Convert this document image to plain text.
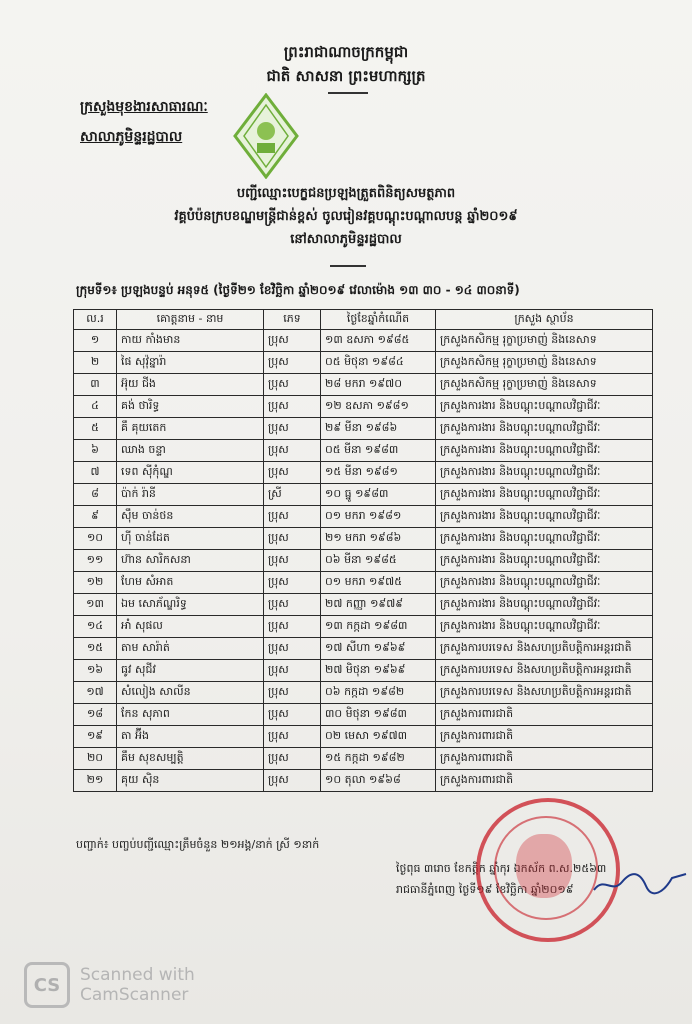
ព្រះរាជាណាចក្រកម្ពុជា
ជាតិ សាសនា ព្រះមហាក្សត្រ
ក្រសួងមុខងារសាធារណៈ
សាលាភូមិន្ទរដ្ឋបាល
បញ្ជីឈ្មោះបេក្ខជនប្រឡងត្រួតពិនិត្យសមត្ថភាព
វគ្គបំប៉នក្របខណ្ឌមន្ត្រីជាន់ខ្ពស់ ចូលរៀនវគ្គបណ្តុះបណ្តាលបន្ត ឆ្នាំ២០១៩
នៅសាលាភូមិន្ទរដ្ឋបាល
ក្រុមទី១៖ ប្រឡងបន្ទប់ អនុទ៥ (ថ្ងៃទី២១ ខែវិច្ឆិកា ឆ្នាំ២០១៩ វេលាម៉ោង ១៣ ៣០ - ១៤ ៣០នាទី)
ល.រ	គោត្តនាម - នាម	ភេទ	ថ្ងៃខែឆ្នាំកំណើត	ក្រសួង ស្ថាប័ន
១	កាយ កាំងមាន	ប្រុស	១៣ ឧសភា ១៩៨៥	ក្រសួងកសិកម្ម រុក្ខាប្រមាញ់ និងនេសាទ
២	ផៃ សុវ៉ុន្នារ៉ា	ប្រុស	០៥ មិថុនា ១៩៨៤	ក្រសួងកសិកម្ម រុក្ខាប្រមាញ់ និងនេសាទ
៣	អ៊ុយ ជីង	ប្រុស	២៨ មករា ១៩៧០	ក្រសួងកសិកម្ម រុក្ខាប្រមាញ់ និងនេសាទ
៤	គង់ ថារិទ្ធ	ប្រុស	១២ ឧសភា ១៩៨១	ក្រសួងការងារ និងបណ្តុះបណ្តាលវិជ្ជាជីវៈ
៥	គឹ គុយតេក	ប្រុស	២៩ មីនា ១៩៨៦	ក្រសួងការងារ និងបណ្តុះបណ្តាលវិជ្ជាជីវៈ
៦	ឈាង ចន្ទា	ប្រុស	០៥ មីនា ១៩៨៣	ក្រសួងការងារ និងបណ្តុះបណ្តាលវិជ្ជាជីវៈ
៧	ទេព ស៊ីកុំណ្ឌ	ប្រុស	១៥ មីនា ១៩៨១	ក្រសួងការងារ និងបណ្តុះបណ្តាលវិជ្ជាជីវៈ
៨	ប៉ាក់ រ៉ានី	ស្រី	១០ ធ្នូ ១៩៨៣	ក្រសួងការងារ និងបណ្តុះបណ្តាលវិជ្ជាជីវៈ
៩	ស៊ឹម ចាន់ថន	ប្រុស	០១ មករា ១៩៨១	ក្រសួងការងារ និងបណ្តុះបណ្តាលវិជ្ជាជីវៈ
១០	ហ៊ី ចាន់ដែត	ប្រុស	២១ មករា ១៩៨៦	ក្រសួងការងារ និងបណ្តុះបណ្តាលវិជ្ជាជីវៈ
១១	ហ៊ាន សារិកសនា	ប្រុស	០៦ មីនា ១៩៨៥	ក្រសួងការងារ និងបណ្តុះបណ្តាលវិជ្ជាជីវៈ
១២	ហែម សំអាត	ប្រុស	០១ មករា ១៩៧៥	ក្រសួងការងារ និងបណ្តុះបណ្តាលវិជ្ជាជីវៈ
១៣	ឯម សោភ័ណ្ឌរិទ្ធ	ប្រុស	២៧ កញ្ញា ១៩៧៩	ក្រសួងការងារ និងបណ្តុះបណ្តាលវិជ្ជាជីវៈ
១៤	អាំ សុផល	ប្រុស	១៣ កក្កដា ១៩៨៣	ក្រសួងការងារ និងបណ្តុះបណ្តាលវិជ្ជាជីវៈ
១៥	តាម សារ៉ាត់	ប្រុស	១៧ សីហា ១៩៦៩	ក្រសួងការបរទេស និងសហប្រតិបត្តិការអន្តរជាតិ
១៦	ធូវ សុជីវ	ប្រុស	២៧ មិថុនា ១៩៦៩	ក្រសួងការបរទេស និងសហប្រតិបត្តិការអន្តរជាតិ
១៧	សំលៀង សាលីន	ប្រុស	០៦ កក្កដា ១៩៨២	ក្រសួងការបរទេស និងសហប្រតិបត្តិការអន្តរជាតិ
១៨	កែន សុភាព	ប្រុស	៣០ មិថុនា ១៩៨៣	ក្រសួងការពារជាតិ
១៩	តា អ៊ីង	ប្រុស	០២ មេសា ១៩៧៣	ក្រសួងការពារជាតិ
២០	គឹម សុខសម្បត្តិ	ប្រុស	១៥ កក្កដា ១៩៨២	ក្រសួងការពារជាតិ
២១	គុយ ស៊ិន	ប្រុស	១០ តុលា ១៩៦៨	ក្រសួងការពារជាតិ
បញ្ជាក់៖ បញ្ចប់បញ្ជីឈ្មោះត្រឹមចំនួន ២១អង្គ/នាក់ ស្រី ១នាក់
ថ្ងៃពុធ ៣រោច ខែកត្តិក ឆ្នាំកុរ ឯកស័ក ព.ស.២៥៦៣
រាជធានីភ្នំពេញ ថ្ងៃទី១៩ ខែវិច្ឆិកា ឆ្នាំ២០១៩
CS	Scanned with
CamScanner
